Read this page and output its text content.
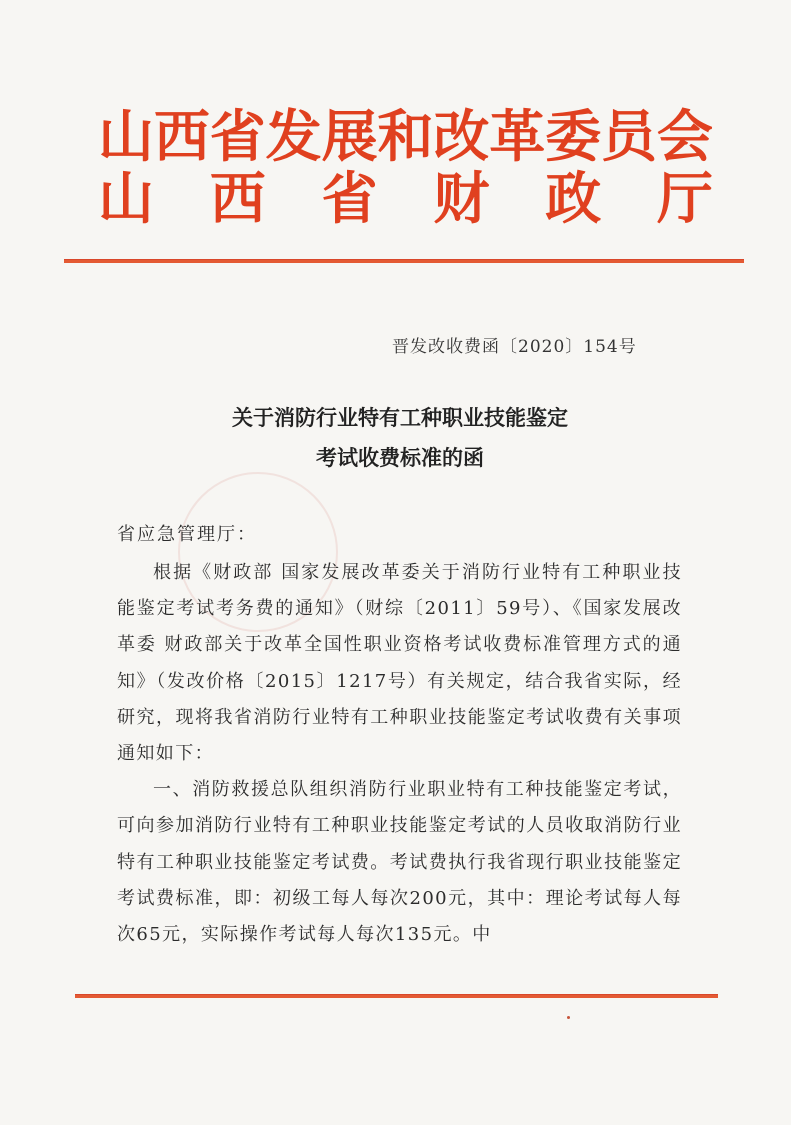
山 西 省 发 展 和 改 革 委 员 会
山 西 省 财 政 厅
晋发改收费函〔2020〕154号
关于消防行业特有工种职业技能鉴定
考试收费标准的函
省应急管理厅：

根据《财政部 国家发展改革委关于消防行业特有工种职业技能鉴定考试考务费的通知》（财综〔2011〕59号）、《国家发展改革委 财政部关于改革全国性职业资格考试收费标准管理方式的通知》（发改价格〔2015〕1217号）有关规定，结合我省实际，经研究，现将我省消防行业特有工种职业技能鉴定考试收费有关事项通知如下：

一、消防救援总队组织消防行业职业特有工种技能鉴定考试，可向参加消防行业特有工种职业技能鉴定考试的人员收取消防行业特有工种职业技能鉴定考试费。考试费执行我省现行职业技能鉴定考试费标准，即：初级工每人每次200元，其中：理论考试每人每次65元，实际操作考试每人每次135元。中
